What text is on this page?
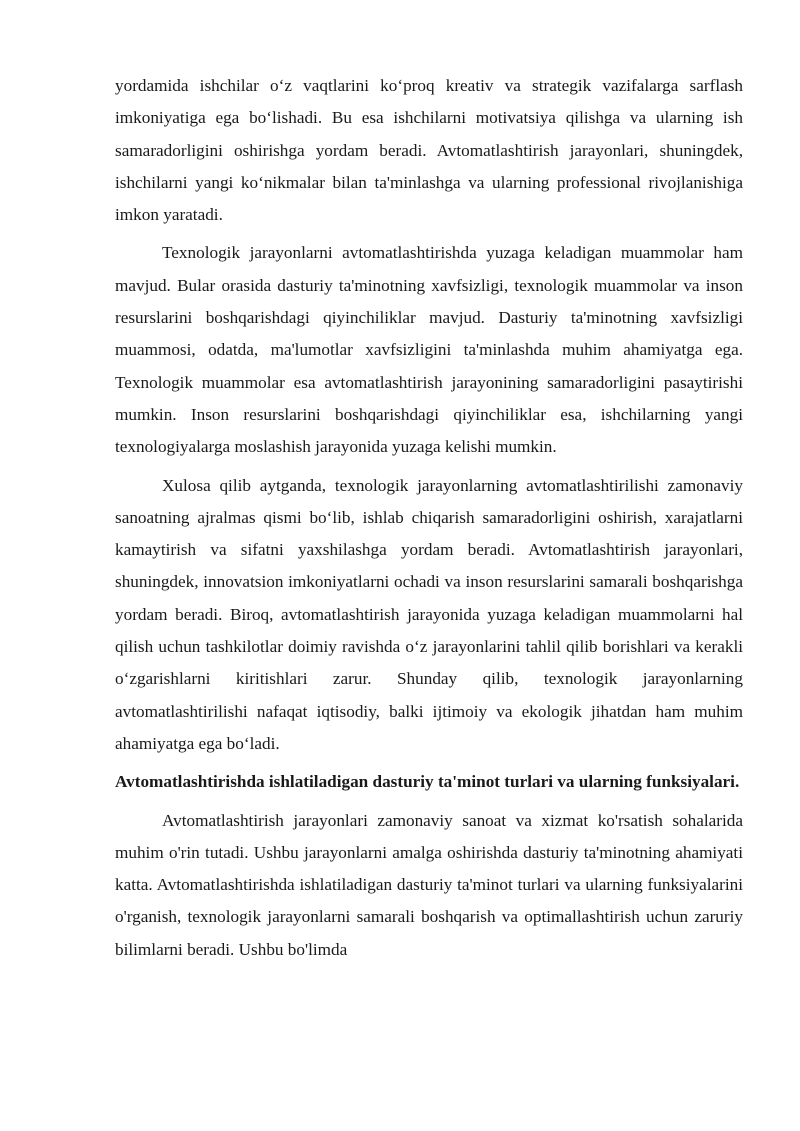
yordamida ishchilar o‘z vaqtlarini ko‘proq kreativ va strategik vazifalarga sarflash imkoniyatiga ega bo‘lishadi. Bu esa ishchilarni motivatsiya qilishga va ularning ish samaradorligini oshirishga yordam beradi. Avtomatlashtirish jarayonlari, shuningdek, ishchilarni yangi ko‘nikmalar bilan ta'minlashga va ularning professional rivojlanishiga imkon yaratadi.

Texnologik jarayonlarni avtomatlashtirishda yuzaga keladigan muammolar ham mavjud. Bular orasida dasturiy ta'minotning xavfsizligi, texnologik muammolar va inson resurslarini boshqarishdagi qiyinchiliklar mavjud. Dasturiy ta'minotning xavfsizligi muammosi, odatda, ma'lumotlar xavfsizligini ta'minlashda muhim ahamiyatga ega. Texnologik muammolar esa avtomatlashtirish jarayonining samaradorligini pasaytirishi mumkin. Inson resurslarini boshqarishdagi qiyinchiliklar esa, ishchilarning yangi texnologiyalarga moslashish jarayonida yuzaga kelishi mumkin.

Xulosa qilib aytganda, texnologik jarayonlarning avtomatlashtirilishi zamonaviy sanoatning ajralmas qismi bo‘lib, ishlab chiqarish samaradorligini oshirish, xarajatlarni kamaytirish va sifatni yaxshilashga yordam beradi. Avtomatlashtirish jarayonlari, shuningdek, innovatsion imkoniyatlarni ochadi va inson resurslarini samarali boshqarishga yordam beradi. Biroq, avtomatlashtirish jarayonida yuzaga keladigan muammolarni hal qilish uchun tashkilotlar doimiy ravishda o‘z jarayonlarini tahlil qilib borishlari va kerakli o‘zgarishlarni kiritishlari zarur. Shunday qilib, texnologik jarayonlarning avtomatlashtirilishi nafaqat iqtisodiy, balki ijtimoiy va ekologik jihatdan ham muhim ahamiyatga ega bo‘ladi.

Avtomatlashtirishda ishlatiladigan dasturiy ta'minot turlari va ularning funksiyalari.

Avtomatlashtirish jarayonlari zamonaviy sanoat va xizmat ko'rsatish sohalarida muhim o'rin tutadi. Ushbu jarayonlarni amalga oshirishda dasturiy ta'minotning ahamiyati katta. Avtomatlashtirishda ishlatiladigan dasturiy ta'minot turlari va ularning funksiyalarini o'rganish, texnologik jarayonlarni samarali boshqarish va optimallashtirish uchun zaruriy bilimlarni beradi. Ushbu bo'limda
